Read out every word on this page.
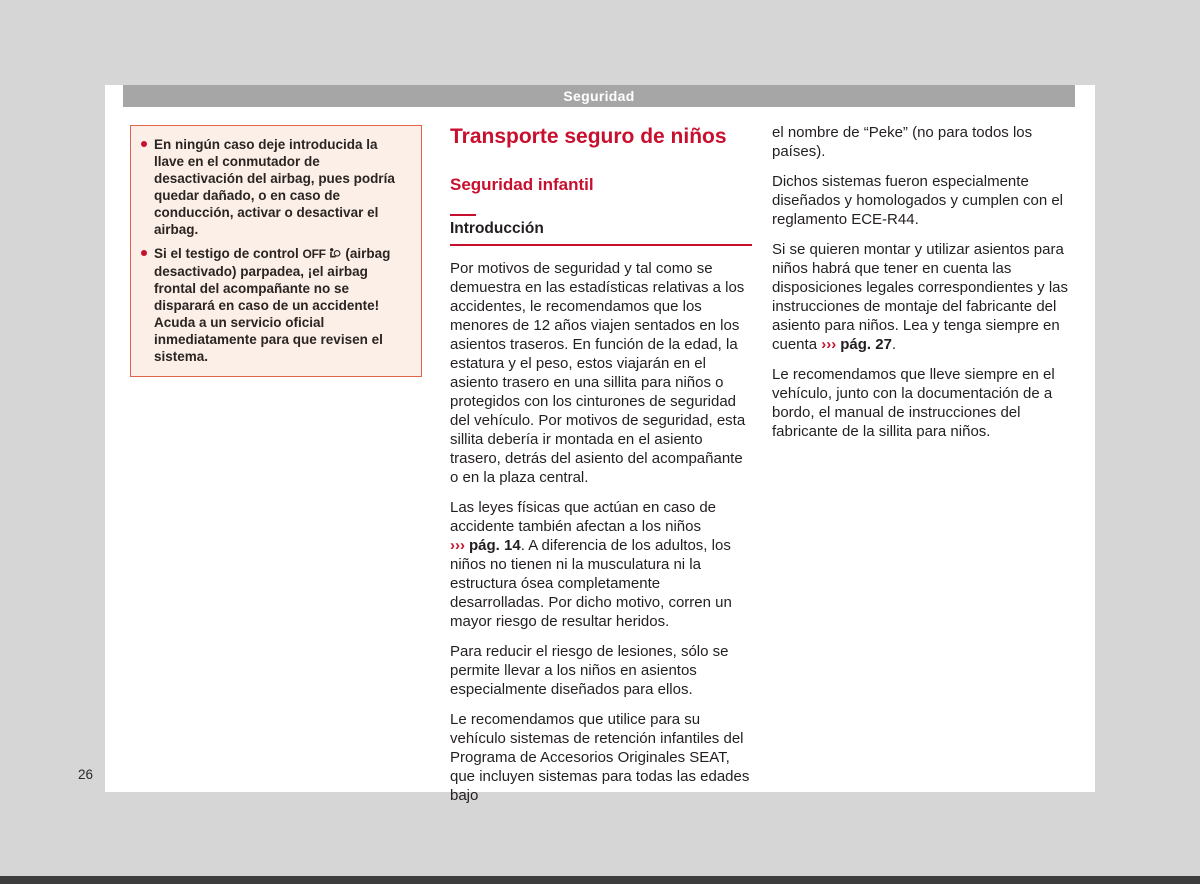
Seguridad

En ningún caso deje introducida la llave en el conmutador de desactivación del airbag, pues podría quedar dañado, o en caso de conducción, activar o desactivar el airbag.

Si el testigo de control OFF (airbag desactivado) parpadea, ¡el airbag frontal del acompañante no se disparará en caso de un accidente! Acuda a un servicio oficial inmediatamente para que revisen el sistema.

Transporte seguro de niños
Seguridad infantil
Introducción

Por motivos de seguridad y tal como se demuestra en las estadísticas relativas a los accidentes, le recomendamos que los menores de 12 años viajen sentados en los asientos traseros. En función de la edad, la estatura y el peso, estos viajarán en el asiento trasero en una sillita para niños o protegidos con los cinturones de seguridad del vehículo. Por motivos de seguridad, esta sillita debería ir montada en el asiento trasero, detrás del asiento del acompañante o en la plaza central.

Las leyes físicas que actúan en caso de accidente también afectan a los niños ››› pág. 14. A diferencia de los adultos, los niños no tienen ni la musculatura ni la estructura ósea completamente desarrolladas. Por dicho motivo, corren un mayor riesgo de resultar heridos.

Para reducir el riesgo de lesiones, sólo se permite llevar a los niños en asientos especialmente diseñados para ellos.

Le recomendamos que utilice para su vehículo sistemas de retención infantiles del Programa de Accesorios Originales SEAT, que incluyen sistemas para todas las edades bajo

el nombre de “Peke” (no para todos los países).

Dichos sistemas fueron especialmente diseñados y homologados y cumplen con el reglamento ECE-R44.

Si se quieren montar y utilizar asientos para niños habrá que tener en cuenta las disposiciones legales correspondientes y las instrucciones de montaje del fabricante del asiento para niños. Lea y tenga siempre en cuenta ››› pág. 27.

Le recomendamos que lleve siempre en el vehículo, junto con la documentación de a bordo, el manual de instrucciones del fabricante de la sillita para niños.

26
